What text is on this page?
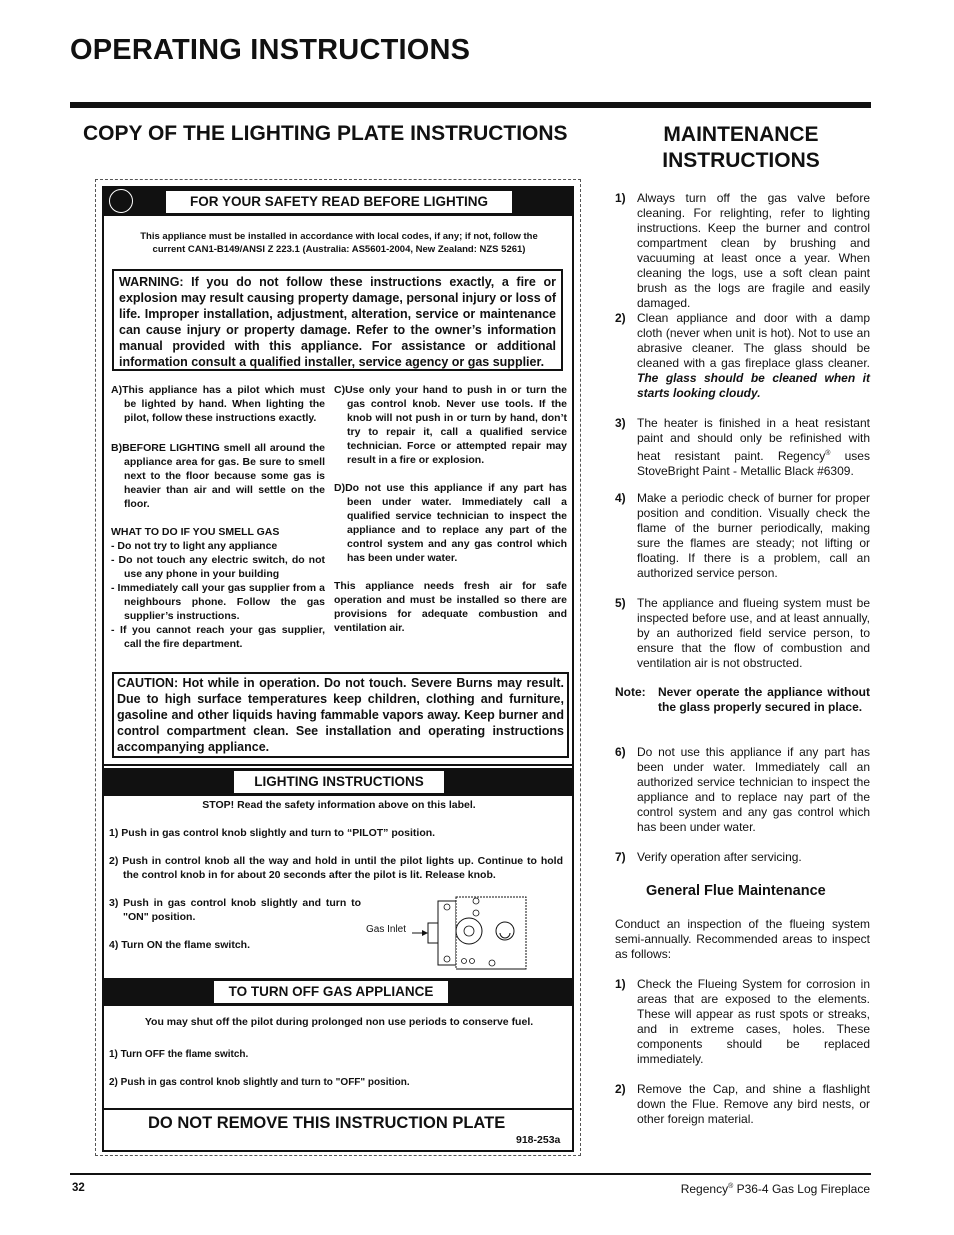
OPERATING INSTRUCTIONS
COPY OF THE LIGHTING PLATE INSTRUCTIONS	MAINTENANCE
INSTRUCTIONS
FOR YOUR SAFETY READ BEFORE LIGHTING
This appliance must be installed in accordance with local codes, if any; if not, follow the
current CAN1-B149/ANSI Z 223.1 (Australia: AS5601-2004, New Zealand: NZS 5261)
WARNING: If you do not follow these instructions exactly, a fire or explosion may result causing property damage, personal injury or loss of life. Improper installation, adjustment, alteration, service or maintenance can cause injury or property damage. Refer to the owner’s information manual provided with this appliance. For assistance or additional information consult a qualified installer, service agency or gas supplier.

A)This appliance has a pilot which must be lighted by hand. When lighting the pilot, follow these instructions exactly.

B)BEFORE LIGHTING smell all around the appliance area for gas. Be sure to smell next to the floor because some gas is heavier than air and will settle on the floor.

WHAT TO DO IF YOU SMELL GAS

- Do not try to light any appliance

- Do not touch any electric switch, do not use any phone in your building

- Immediately call your gas supplier from a neighbours phone. Follow the gas supplier’s instructions.

- If you cannot reach your gas supplier, call the fire department.

C)Use only your hand to push in or turn the gas control knob. Never use tools. If the knob will not push in or turn by hand, don’t try to repair it, call a qualified service technician. Force or attempted repair may result in a fire or explosion.

D)Do not use this appliance if any part has been under water. Immediately call a qualified service technician to inspect the appliance and to replace any part of the control system and any gas control which has been under water.

This appliance needs fresh air for safe operation and must be installed so there are provisions for adequate combustion and ventilation air.

CAUTION: Hot while in operation. Do not touch. Severe Burns may result. Due to high surface temperatures keep children, clothing and furniture, gasoline and other liquids having fammable vapors away. Keep burner and control compartment clean. See installation and operating instructions accompanying appliance.
LIGHTING INSTRUCTIONS
STOP! Read the safety information above on this label.

1) Push in gas control knob slightly and turn to “PILOT” position.

2) Push in control knob all the way and hold in until the pilot lights up. Continue to hold the control knob in for about 20 seconds after the pilot is lit. Release knob.

3) Push in gas control knob slightly and turn to "ON" position.

4) Turn ON the flame switch.

Gas Inlet
TO TURN OFF GAS APPLIANCE
You may shut off the pilot during prolonged non use periods to conserve fuel.

1) Turn OFF the flame switch.

2) Push in gas control knob slightly and turn to "OFF" position.

DO NOT REMOVE THIS INSTRUCTION PLATE
918-253a
1) Always turn off the gas valve before cleaning. For relighting, refer to lighting instructions. Keep the burner and control compartment clean by brushing and vacuuming at least once a year. When cleaning the logs, use a soft clean paint brush as the logs are fragile and easily damaged.
2) Clean appliance and door with a damp cloth (never when unit is hot). Not to use an abrasive cleaner. The glass should be cleaned with a gas fireplace glass cleaner. The glass should be cleaned when it starts looking cloudy.
3) The heater is finished in a heat resistant paint and should only be refinished with heat resistant paint. Regency® uses StoveBright Paint - Metallic Black #6309.
4) Make a periodic check of burner for proper position and condition. Visually check the flame of the burner periodically, making sure the flames are steady; not lifting or floating. If there is a problem, call an authorized service person.
5) The appliance and flueing system must be inspected before use, and at least annually, by an authorized field service person, to ensure that the flow of combustion and ventilation air is not obstructed.
Note: Never operate the appliance without the glass properly secured in place.
6) Do not use this appliance if any part has been under water. Immediately call an authorized service technician to inspect the appliance and to replace nay part of the control system and any gas control which has been under water.
7) Verify operation after servicing.
General Flue Maintenance
Conduct an inspection of the flueing system semi-annually. Recommended areas to inspect as follows:
1) Check the Flueing System for corrosion in areas that are exposed to the elements. These will appear as rust spots or streaks, and in extreme cases, holes. These components should be replaced immediately.
2) Remove the Cap, and shine a flashlight down the Flue. Remove any bird nests, or other foreign material.
32	Regency® P36-4 Gas Log Fireplace
